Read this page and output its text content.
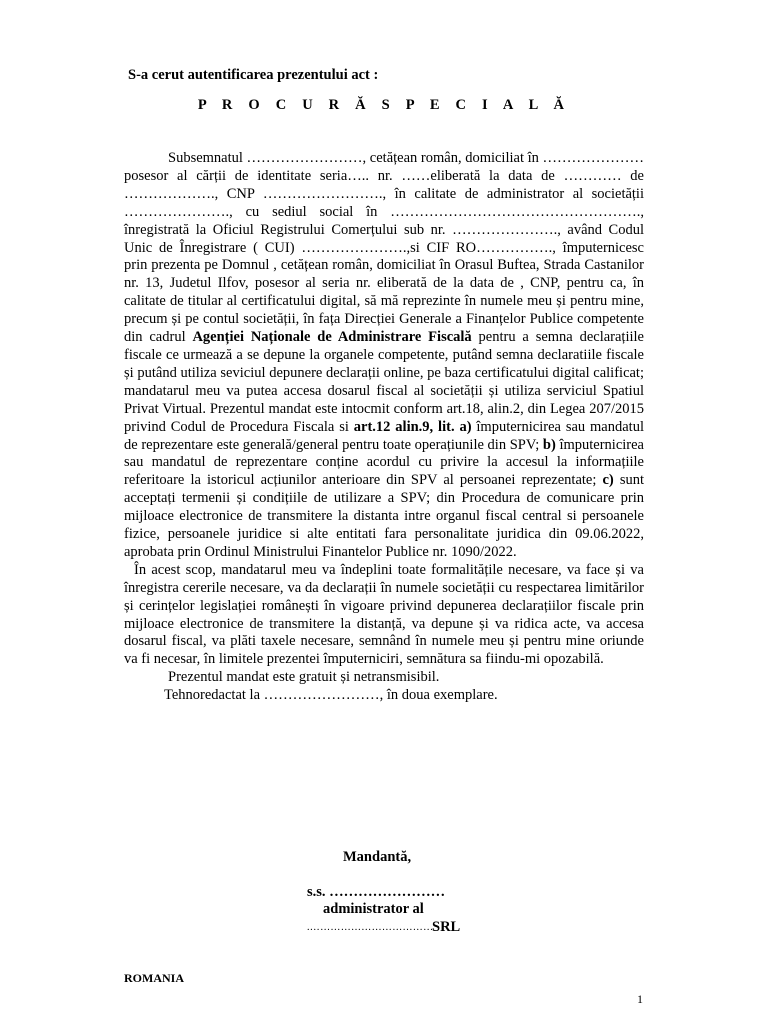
S-a cerut autentificarea prezentului act :
P R O C U R Ă S P E C I A L Ă

Subsemnatul ……………………, cetățean român, domiciliat în ………………… posesor al cărții de identitate seria….. nr. ……eliberată la data de ………… de ………………., CNP ……………………., în calitate de administrator al societății …………………., cu sediul social în ……………………………………………., înregistrată la Oficiul Registrului Comerțului sub nr. …………………., având Codul Unic de Înregistrare ( CUI) ………………….,si CIF RO……………., împuternicesc prin prezenta pe Domnul , cetățean român, domiciliat în Orasul Buftea, Strada Castanilor nr. 13, Judetul Ilfov, posesor al seria nr. eliberată de la data de , CNP, pentru ca, în calitate de titular al certificatului digital, să mă reprezinte în numele meu și pentru mine, precum și pe contul societății, în fața Direcției Generale a Finanțelor Publice competente din cadrul Agenției Naționale de Administrare Fiscală pentru a semna declarațiile fiscale ce urmează a se depune la organele competente, putând semna declaratiile fiscale și putând utiliza seviciul depunere declarații online, pe baza certificatului digital calificat; mandatarul meu va putea accesa dosarul fiscal al societății și utiliza serviciul Spatiul Privat Virtual. Prezentul mandat este intocmit conform art.18, alin.2, din Legea 207/2015 privind Codul de Procedura Fiscala si art.12 alin.9, lit. a) împuternicirea sau mandatul de reprezentare este generală/general pentru toate operațiunile din SPV; b) împuternicirea sau mandatul de reprezentare conține acordul cu privire la accesul la informațiile referitoare la istoricul acțiunilor anterioare din SPV al persoanei reprezentate; c) sunt acceptați termenii și condițiile de utilizare a SPV; din Procedura de comunicare prin mijloace electronice de transmitere la distanta intre organul fiscal central si persoanele fizice, persoanele juridice si alte entitati fara personalitate juridica din 09.06.2022, aprobata prin Ordinul Ministrului Finantelor Publice nr. 1090/2022.

În acest scop, mandatarul meu va îndeplini toate formalitățile necesare, va face și va înregistra cererile necesare, va da declarații în numele societății cu respectarea limitărilor și cerințelor legislației românești în vigoare privind depunerea declarațiilor fiscale prin mijloace electronice de transmitere la distanță, va depune și va ridica acte, va accesa dosarul fiscal, va plăti taxele necesare, semnând în numele meu și pentru mine oriunde va fi necesar, în limitele prezentei împuterniciri, semnătura sa fiindu-mi opozabilă.

Prezentul mandat este gratuit și netransmisibil.

Tehnoredactat la ……………………, în doua exemplare.

Mandantă,
s.s. ……………………
administrator al
.………………………………
SRL
ROMANIA
1
